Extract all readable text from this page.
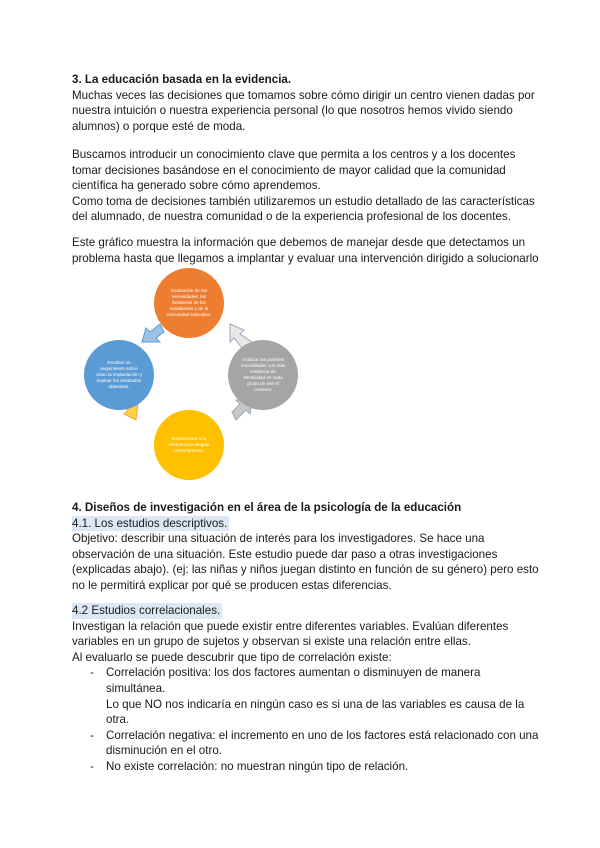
3. La educación basada en la evidencia.
Muchas veces las decisiones que tomamos sobre cómo dirigir un centro vienen dadas por
nuestra intuición o nuestra experiencia personal (lo que nosotros hemos vivido siendo
alumnos) o porque esté de moda.
Buscamos introducir un conocimiento clave que permita a los centros y a los docentes
tomar decisiones basándose en el conocimiento de mayor calidad que la comunidad
científica ha generado sobre cómo aprendemos.
Como toma de decisiones también utilizaremos un estudio detallado de las características
del alumnado, de nuestra comunidad o de la experiencia profesional de los docentes.
Este gráfico muestra la información que debemos de manejar desde que detectamos un
problema hasta que llegamos a implantar y evaluar una intervención dirigido a solucionarlo
Evaluación de las necesidades: las fortalezas de los estudiantes y de la comunidad educativa.
Analizar las posibles necesidades con más evidencia de efectividad en cada grupo de ese el contexto.
Implementar o la intervención elegida correctamente.
Realizar un seguimiento sobre cómo la implantación y evaluar los resultados obtenidos.
4. Diseños de investigación en el área de la psicología de la educación
4.1. Los estudios descriptivos.
Objetivo: describir una situación de interés para los investigadores. Se hace una
observación de una situación. Este estudio puede dar paso a otras investigaciones
(explicadas abajo). (ej: las niñas y niños juegan distinto en función de su género) pero esto
no le permitirá explicar por qué se producen estas diferencias.
4.2 Estudios correlacionales.
Investigan la relación que puede existir entre diferentes variables. Evalúan diferentes
variables en un grupo de sujetos y observan si existe una relación entre ellas.
Al evaluarlo se puede descubrir que tipo de correlación existe:
- Correlación positiva: los dos factores aumentan o disminuyen de manera simultánea.
Lo que NO nos indicaría en ningún caso es si una de las variables es causa de la
otra.
- Correlación negativa: el incremento en uno de los factores está relacionado con una
disminución en el otro.
- No existe correlación: no muestran ningún tipo de relación.
